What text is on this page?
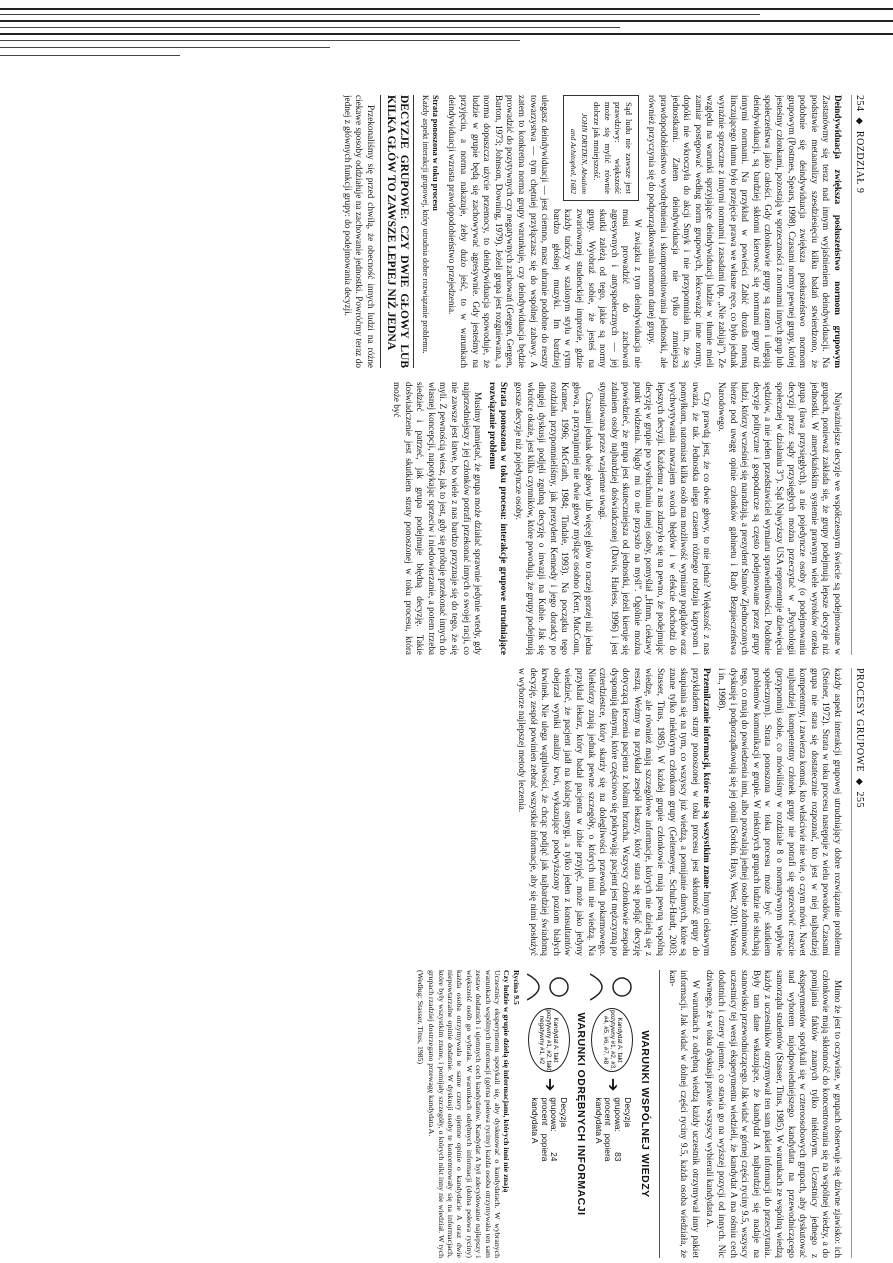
254
◆
ROZDZIAŁ 9

Deindywiduacja zwiększa posłuszeństwo normom grupowym Zastanówmy się teraz nad innym wyjaśnieniem deindywiduacji. Na podstawie metaanalizy szesdziesięciu kilku badań stwierdzono, że podobnie się deindywiduacja zwiększa posłuszeństwo normom grupowym (Postmes, Spears, 1998). Czasami normy pewnej grupy, której jesteśmy członkami, pozostają w sprzeczności z normami innych grup lub społeczeństwa jako całości. Gdy członkowie grupy są razem i ulegają deindywiduacji, są bardziej skłonni kierować się normami grupy niż innymi normami. Na przykład w powieści Zabić drozda normą linczującego tłumu było przejęcie prawa we własne ręce, co było jednak wyraźnie sprzeczne z innymi normami i zasadami (np. „Nie zabijaj”). Ze względu na warunki sprzyjające deindywiduacji ludzie w tłumie mieli zamiar postępować według norm grupowych, lekceważąc inne normy, dopóki nie wkroczyła do akcji Smyk i nie przypomniała im, że są jednostkami. Zatem deindywiduacja nie tylko zmniejsza prawdopodobieństwo wyodrębnienia i skompromitowania jednostki, ale również przyczynia się do podporządkowania normom danej grupy.

Sąd ludu nie zawsze jest prawdziwy: większość może się mylić równie dobrze jak mniejszość.
JOHN DRYDEN, Absalom and Achitophel, 1682

W związku z tym deindywiduacja nie musi prowadzić do zachowań agresywnych i antyspołecznych — jej skutki zależą od tego, jakie są normy grupy. Wyobraź sobie, że jesteś na zwariowanej studenckiej imprezie, gdzie każdy tańczy w szalonym stylu w rytm bardzo głośnej muzyki. Im bardziej ulegasz deindywiduacji — jest ciemno, masz ubranie podobne do reszty towarzystwa — tym chętniej przyłączasz się do wspólnej zabawy. A zatem to konkretna norma grupy warunkuje, czy deindywiduacja będzie prowadzić do pozytywnych czy negatywnych zachowań (Gergen, Gergen, Barton, 1973; Johnson, Downing, 1979). Jeżeli grupa jest rozgniewana, a norma dopuszcza użycie przemocy, to deindywiduacja spowoduje, że ludzie w grupie będą się zachowywać agresywnie. Gdy jesteśmy na przyjęciu, a norma nakazuje, żeby dużo jeść, to w warunkach deindywiduacji wzrasta prawdopodobieństwo przejedzenia.

Strata ponoszona w toku procesu
Każdy aspekt interakcji grupowej, który utrudnia dobre rozwiązanie problemu.
DECYZJE GRUPOWE: CZY DWIE GŁOWY LUB KILKA GŁÓW TO ZAWSZE LEPIEJ NIŻ JEDNA

Przekonaliśmy się przed chwilą, że obecność innych ludzi na różne ciekawe sposoby oddziałuje na zachowanie jednostki. Powróćmy teraz do jednej z głównych funkcji grupy: do podejmowania decyzji.

Najważniejsze decyzje we współczesnym świecie są podejmowane w grupach, ponieważ zakłada się, że grupy podejmują lepsze decyzje niż jednostki. W amerykańskim systemie prawnym wiele wyroków orzeka grupa (ława przysięgłych), a nie pojedyncze osoby (o podejmowaniu decyzji przez sądy przysięgłych można przeczytać w „Psychologii społecznej w działaniu 3”). Sąd Najwyższy USA reprezentuje dziewięciu sędziów, a nie jeden przedstawiciel wymiaru sprawiedliwości. Podobnie decyzje polityczne i gospodarcze są często podejmowane przez grupy ludzi, którzy wcześniej się naradzają, a prezydent Stanów Zjednoczonych bierze pod uwagę opinie członków gabinetu i Rady Bezpieczeństwa Narodowego.

Czy prawdą jest, że co dwie głowy, to nie jedna? Większość z nas uważa, że tak. Jednostka ulega czasem różnego rodzaju kaprysom i pomyłkom, natomiast kilka osób ma możliwość wymiany poglądów oraz wychwytywania nawzajem swoich błędów i w efekcie dochodzi do lepszych decyzji. Każdemu z nas zdarzyło się na pewno, że podejmując decyzję w grupie po wysłuchaniu innej osoby, pomyślał „Hmm, ciekawy punkt widzenia. Nigdy mi to nie przyszło na myśl”. Ogólnie można powiedzieć, że grupa jest skuteczniejsza od jednostki, jeżeli kieruje się zdaniem osoby najbardziej doświadczonej (Davis, Harless, 1996) i jest stymulowana przez wzajemne uwagi.

Czasami jednak dwie głowy lub więcej głów to raczej gorzej niż jedna głowa, a przynajmniej nie dwie głowy myślące osobno (Kerr, MacCoun, Kramer, 1996; McGrath, 1984; Tindale, 1993). Na początku tego rozdziału przypomnieliśmy, jak prezydent Kennedy i jego doradcy po długiej dyskusji podjęli zgubną decyzję o inwazji na Kubie. Jak się wkrótce okaże, jest kilka czynników, które powodują, że grupy podejmują gorsze decyzje niż pojedyncze osoby.

Strata ponoszona w toku procesu: interakcje grupowe utrudniające rozwiązanie problemu

Musimy pamiętać, że grupa może działać sprawnie jedynie wtedy, gdy najprzedniejszy z jej członków potrafi przekonać innych o swojej racji, co nie zawsze jest łatwe, bo wiele z nas bardzo przyznaje się do tego, że się myli. Z pewnością wiesz, jak to jest, gdy się próbuje przekonać innych do własnej koncepcji, napotykając sprzeciw i niedowierzanie, a potem trzeba siedzieć i patrzeć, jak grupa podejmuje błędną decyzję. Takie doświadczenie jest skutkiem straty ponoszonej w toku procesu, która może być

PROCESY GRUPOWE
◆
255

każdy aspekt interakcji grupowej utrudniający dobre rozwiązanie problemu (Steiner, 1972). Strata w toku procesu następuje z wielu powodów. Czasami grupa nie stara się dostatecznie rozpoznać, kto jest w niej najbardziej kompetentny, i zawierza komuś, kto właściwie nie wie, o czym mówi. Nawet najbardziej kompetentny członek grupy nie potrafi się sprzeciwić reszcie (przypomnij sobie, co mówiliśmy w rozdziale 8 o normatywnym wpływie społecznym). Strata ponoszona w toku procesu może być skutkiem problemów komunikacji w grupie. W niektórych grupach ludzie nie słuchają tego, co mają do powiedzenia inni, albo pozwalają jednej osobie zdominować dyskusję i podporządkowują się jej opinii (Sorkin, Hays, West, 2001; Watson i in., 1998).

Przemilczanie informacji, które nie są wszystkim znane Innym ciekawym przykładem straty ponoszonej w toku procesu jest skłonność grupy do skupiania się na tym, co wszyscy już wiedzą, a pomijanie danych, które są znane tylko niektórym członkom grupy (Geitemeyer, Schulz-Hardt, 2003; Stasser, Titus, 1985). W każdej grupie członkowie mają pewną wspólną wiedzę, ale również mają szczegółowe informacje, których nie dzielą się z resztą. Weźmy na przykład zespół lekarzy, który stara się podjąć decyzję dotyczącą leczenia pacjenta z bólami brzucha. Wszyscy członkowie zespołu dysponują danymi, które częściowo się pokrywają: pacjent jest mężczyzną po czterdziestce, który skarży się na dolegliwości przewodu pokarmowego. Niektórzy znają jednak pewne szczegóły, o których inni nie wiedzą. Na przykład lekarz, który badał pacjenta w izbie przyjęć, może jako jedyny wiedzieć, że pacjent jadł na kolację ostrygi, a tylko jeden z konsultantów obejrzał wyniki analizy krwi, wykazujące podwyższony poziom białych krwinek. Nie ulega wątpliwości, że chcąc podjąć jak najbardziej świadomą decyzję, zespół powinien zebrać wszystkie informacje, aby się nimi posłużyć w wyborze najlepszej metody leczenia.

Mimo że jest to oczywiste, w grupach obserwuje się dziwne zjawisko: ich członkowie mają skłonność do koncentrowania się na wspólnej wiedzy, a do pomijania faktów znanych tylko niektórym. Uczestnicy jednego z eksperymentów spotykali się w czteroosobowych grupach, aby dyskutować nad wyborem najodpowiedniejszego kandydata na przewodniczącego samorządu studentów (Stasser, Titus, 1985). W warunkach ze wspólną wiedzą każdy z uczestników otrzymywał ten sam pakiet informacji do przeczytania. Były tam dane wskazujące, że kandydat A najbardziej się nadaje na stanowisko przewodniczącego. Jak widać w górnej części ryciny 9.5, wszyscy uczestnicy tej wersji eksperymentu wiedzieli, że kandydat A ma ośmiu cech dodatnich i cztery ujemne, co stawia go na wyższej pozycji od innych. Nic dziwnego, że w toku dyskusji prawie wszyscy wybierali kandydata A.

W warunkach z odrębną wiedzą każdy uczestnik otrzymywał inny pakiet informacji. Jak widać w dolnej części ryciny 9.5, każda osoba wiedziała, że kan-

WARUNKI WSPÓLNEJ WIEDZY
Kandydat A: fakt pozytywny #1, #2, #3, #4, #5, #6, #7, #8
➔
Decyzja grupowa: 83 procent popiera kandydata A
WARUNKI ODRĘBNYCH INFORMACJI
Kandydat A: fakt pozytywny #1, #2; fakt negatywny #1, #2
➔
Decyzja grupowa: 24 procent popiera kandydata A
Rycina 9.5
Czy ludzie w grupie dzielą się informacjami, których inni nie znają
Uczestnicy eksperymentu spotykali się, aby dyskutować o kandydatach. W wybranych warunkach wspólnych informacji (górna połowa ryciny) każda osoba otrzymywała ten sam zestaw dodatnich i ujemnych cech kandydatów. Kandydat A był zdecydowanie najlepszy i większość osób go wybrała. W warunkach odrębnych informacji (dolna połowa ryciny) każda osoba otrzymywała te same cztery ujemne opinie o kandydacie A oraz dwie niepowtarzalne opinie dodatnie. W dyskusji osoby te koncentrowały się na informacjach, które były wszystkim znane, i pomijały szczegóły, o których nikt inny nie wiedział. W tych grupach rzadziej dostrzegano przewagę kandydata A.
(Według: Stasser, Titus, 1985)
